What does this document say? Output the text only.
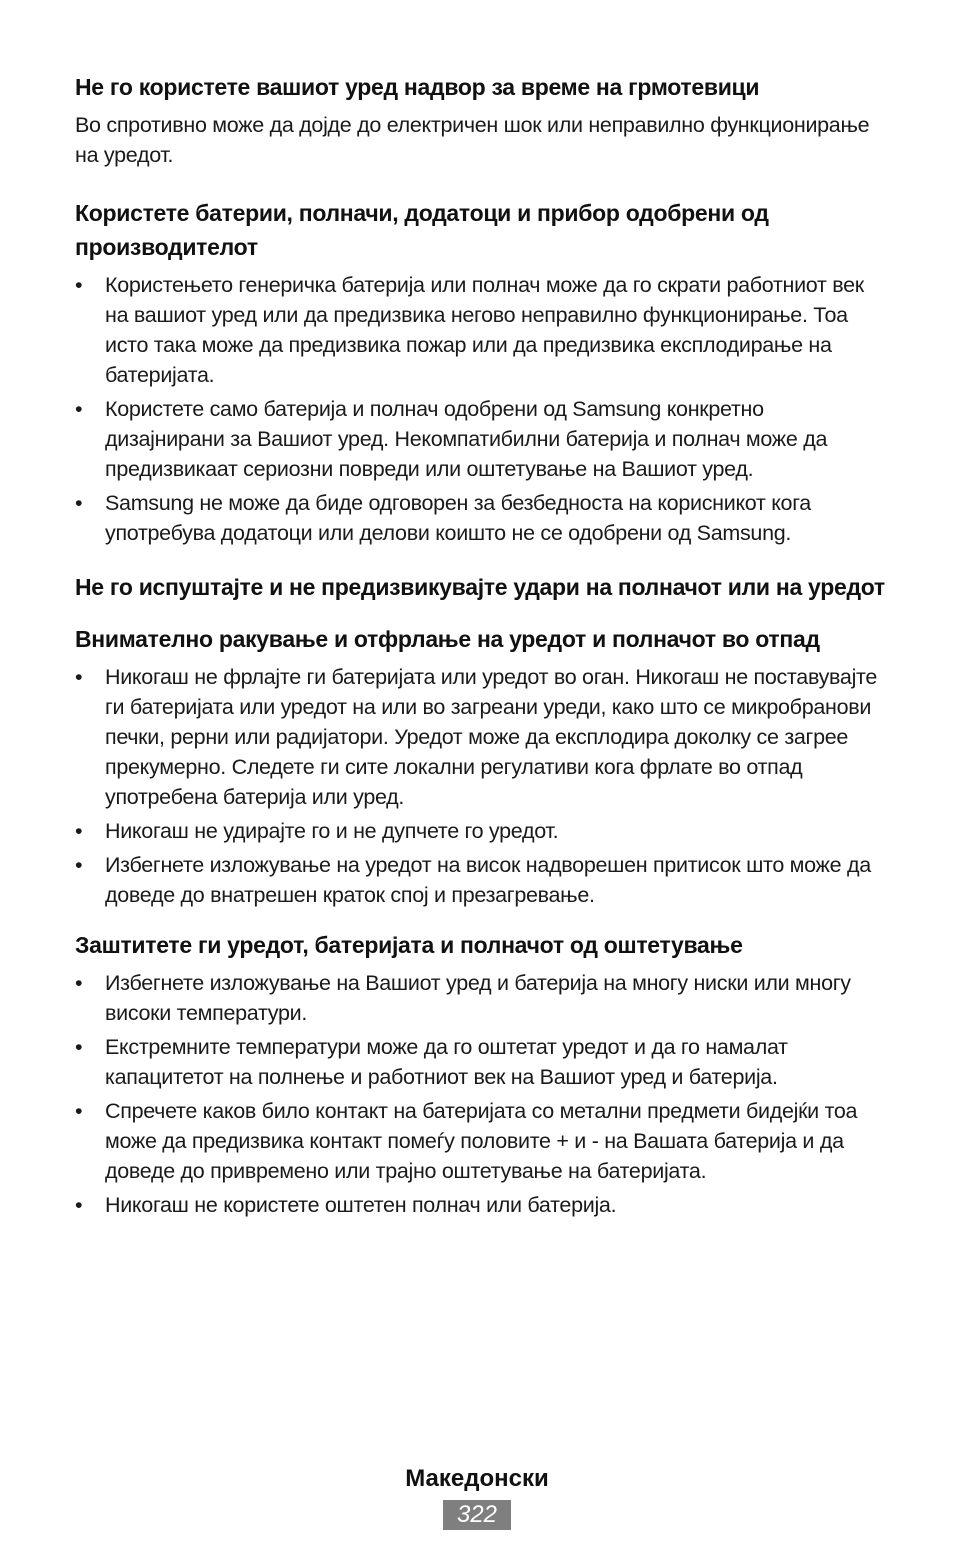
Не го користете вашиот уред надвор за време на грмотевици

Во спротивно може да дојде до електричен шок или неправилно функционирање на уредот.

Користете батерии, полначи, додатоци и прибор одобрени од производителот
•	Користењето генеричка батерија или полнач може да го скрати работниот век на вашиот уред или да предизвика негово неправилно функционирање. Тоа исто така може да предизвика пожар или да предизвика експлодирање на батеријата.
•	Користете само батерија и полнач одобрени од Samsung конкретно дизајнирани за Вашиот уред. Некомпатибилни батерија и полнач може да предизвикаат сериозни повреди или оштетување на Вашиот уред.
•	Samsung не може да биде одговорен за безбедноста на корисникот кога употребува додатоци или делови коишто не се одобрени од Samsung.
Не го испуштајте и не предизвикувајте удари на полначот или на уредот
Внимателно ракување и отфрлање на уредот и полначот во отпад
•	Никогаш не фрлајте ги батеријата или уредот во оган. Никогаш не поставувајте ги батеријата или уредот на или во загреани уреди, како што се микробранови печки, рерни или радијатори. Уредот може да експлодира доколку се загрее прекумерно. Следете ги сите локални регулативи кога фрлате во отпад употребена батерија или уред.
•	Никогаш не удирајте го и не дупчете го уредот.
•	Избегнете изложување на уредот на висок надворешен притисок што може да доведе до внатрешен краток спој и презагревање.
Заштитете ги уредот, батеријата и полначот од оштетување
•	Избегнете изложување на Вашиот уред и батерија на многу ниски или многу високи температури.
•	Екстремните температури може да го оштетат уредот и да го намалат капацитетот на полнење и работниот век на Вашиот уред и батерија.
•	Спречете каков било контакт на батеријата со метални предмети бидејќи тоа може да предизвика контакт помеѓу половите + и - на Вашата батерија и да доведе до привремено или трајно оштетување на батеријата.
•	Никогаш не користете оштетен полнач или батерија.
Македонски
322
